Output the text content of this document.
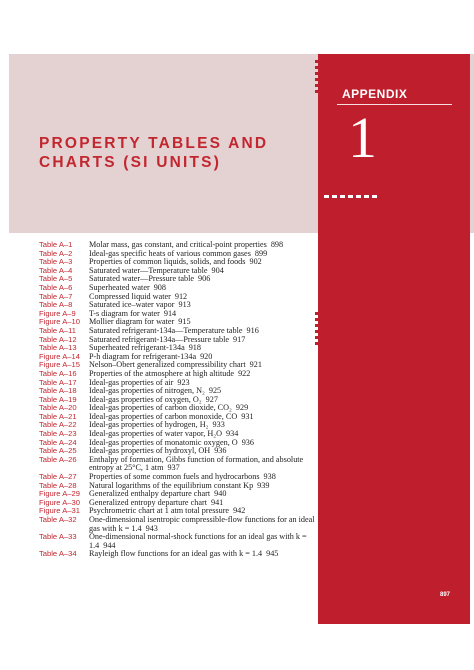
APPENDIX
1
PROPERTY TABLES AND
CHARTS (SI UNITS)
Table A–1	Molar mass, gas constant, and critical-point properties 898
Table A–2	Ideal-gas specific heats of various common gases 899
Table A–3	Properties of common liquids, solids, and foods 902
Table A–4	Saturated water—Temperature table 904
Table A–5	Saturated water—Pressure table 906
Table A–6	Superheated water 908
Table A–7	Compressed liquid water 912
Table A–8	Saturated ice–water vapor 913
Figure A–9	T-s diagram for water 914
Figure A–10	Mollier diagram for water 915
Table A–11	Saturated refrigerant-134a—Temperature table 916
Table A–12	Saturated refrigerant-134a—Pressure table 917
Table A–13	Superheated refrigerant-134a 918
Figure A–14	P-h diagram for refrigerant-134a 920
Figure A–15	Nelson–Obert generalized compressibility chart 921
Table A–16	Properties of the atmosphere at high altitude 922
Table A–17	Ideal-gas properties of air 923
Table A–18	Ideal-gas properties of nitrogen, N₂ 925
Table A–19	Ideal-gas properties of oxygen, O₂ 927
Table A–20	Ideal-gas properties of carbon dioxide, CO₂ 929
Table A–21	Ideal-gas properties of carbon monoxide, CO 931
Table A–22	Ideal-gas properties of hydrogen, H₂ 933
Table A–23	Ideal-gas properties of water vapor, H₂O 934
Table A–24	Ideal-gas properties of monatomic oxygen, O 936
Table A–25	Ideal-gas properties of hydroxyl, OH 936
Table A–26	Enthalpy of formation, Gibbs function of formation, and absolute entropy at 25°C, 1 atm 937
Table A–27	Properties of some common fuels and hydrocarbons 938
Table A–28	Natural logarithms of the equilibrium constant Kp 939
Figure A–29	Generalized enthalpy departure chart 940
Figure A–30	Generalized entropy departure chart 941
Figure A–31	Psychrometric chart at 1 atm total pressure 942
Table A–32	One-dimensional isentropic compressible-flow functions for an ideal gas with k = 1.4 943
Table A–33	One-dimensional normal-shock functions for an ideal gas with k = 1.4 944
Table A–34	Rayleigh flow functions for an ideal gas with k = 1.4 945
897
